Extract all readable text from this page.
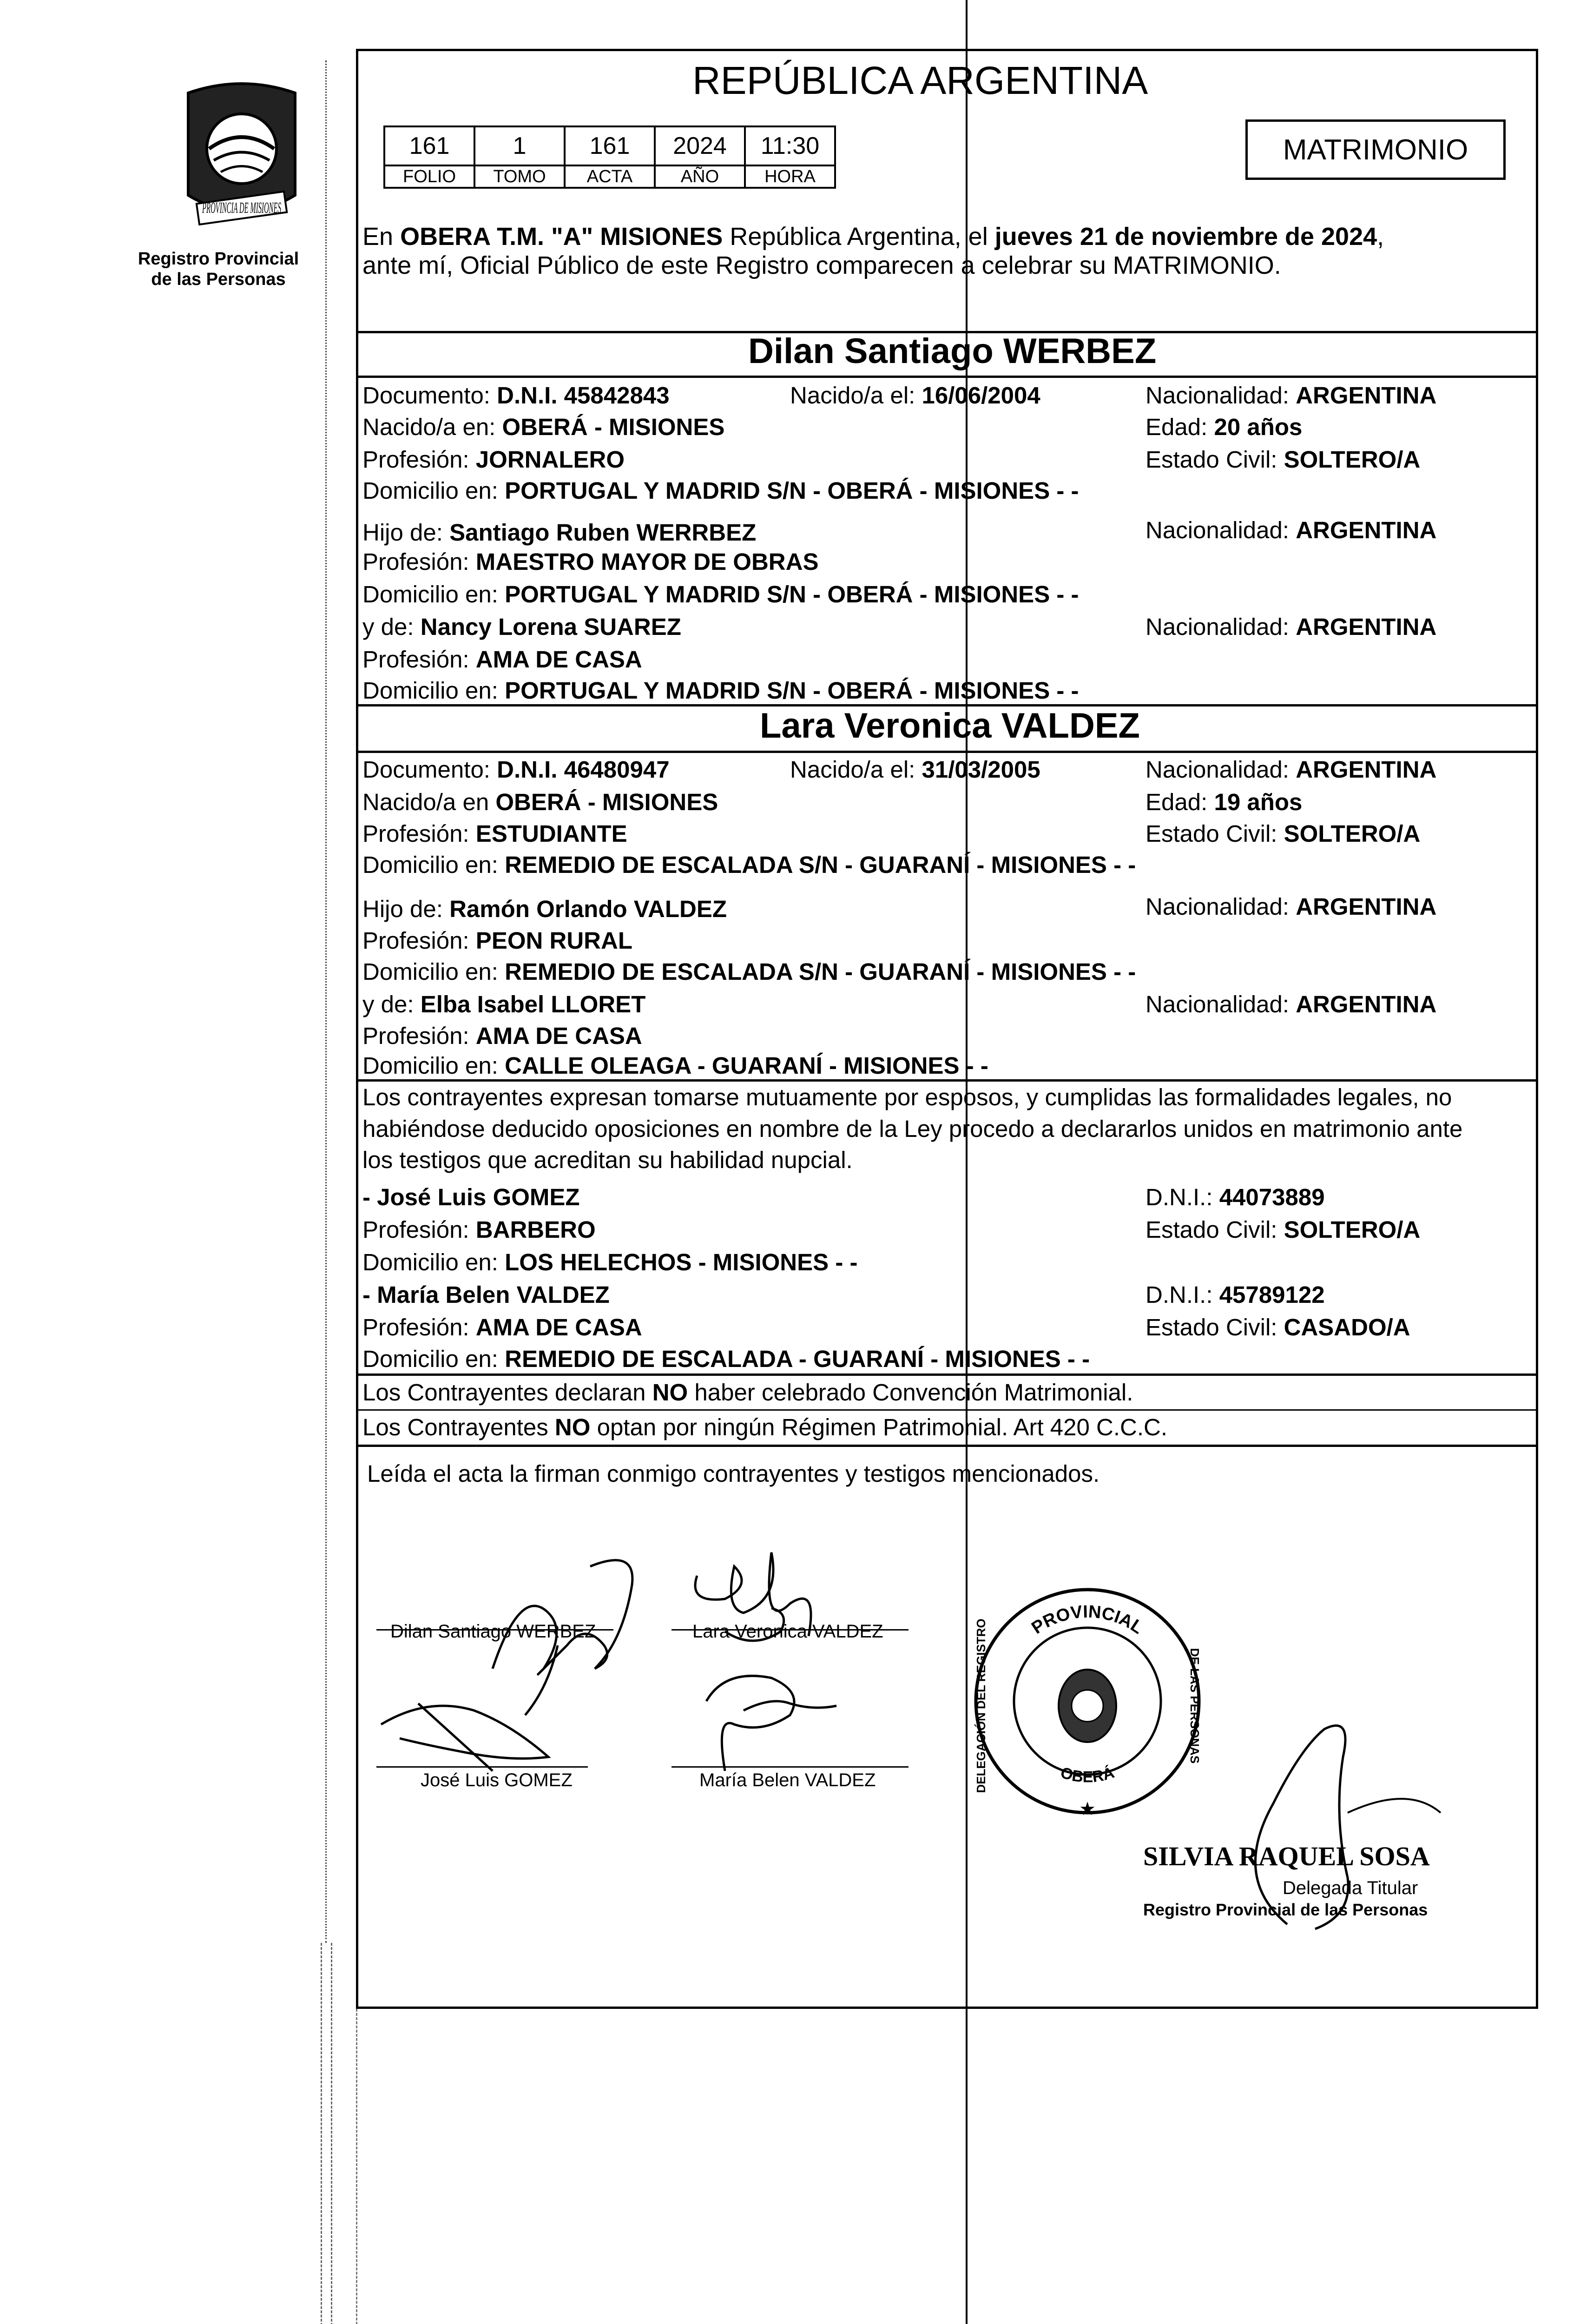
PROVINCIA DE MISIONES
Registro Provincial
de las Personas
REPÚBLICA ARGENTINA
161	1	161	2024	11:30
FOLIO	TOMO	ACTA	AÑO	HORA
MATRIMONIO
En OBERA T.M. "A" MISIONES República Argentina, el jueves 21 de noviembre de 2024,
ante mí, Oficial Público de este Registro comparecen a celebrar su MATRIMONIO.
Dilan Santiago WERBEZ
Documento: D.N.I. 45842843	Nacido/a el: 16/06/2004	Nacionalidad: ARGENTINA
Nacido/a en: OBERÁ - MISIONES	Edad: 20 años
Profesión: JORNALERO	Estado Civil: SOLTERO/A
Domicilio en: PORTUGAL Y MADRID S/N - OBERÁ - MISIONES - -
Hijo de: Santiago Ruben WERRBEZ	Nacionalidad: ARGENTINA
Profesión: MAESTRO MAYOR DE OBRAS
Domicilio en: PORTUGAL Y MADRID S/N - OBERÁ - MISIONES - -
y de: Nancy Lorena SUAREZ	Nacionalidad: ARGENTINA
Profesión: AMA DE CASA
Domicilio en: PORTUGAL Y MADRID S/N - OBERÁ - MISIONES - -
Lara Veronica VALDEZ
Documento: D.N.I. 46480947	Nacido/a el: 31/03/2005	Nacionalidad: ARGENTINA
Nacido/a en OBERÁ - MISIONES	Edad: 19 años
Profesión: ESTUDIANTE	Estado Civil: SOLTERO/A
Domicilio en: REMEDIO DE ESCALADA S/N - GUARANÍ - MISIONES - -
Hijo de: Ramón Orlando VALDEZ	Nacionalidad: ARGENTINA
Profesión: PEON RURAL
Domicilio en: REMEDIO DE ESCALADA S/N - GUARANÍ - MISIONES - -
y de: Elba Isabel LLORET	Nacionalidad: ARGENTINA
Profesión: AMA DE CASA
Domicilio en: CALLE OLEAGA - GUARANÍ - MISIONES - -
Los contrayentes expresan tomarse mutuamente por esposos, y cumplidas las formalidades legales, no
habiéndose deducido oposiciones en nombre de la Ley procedo a declararlos unidos en matrimonio ante
los testigos que acreditan su habilidad nupcial.
- José Luis GOMEZ	D.N.I.: 44073889
Profesión: BARBERO	Estado Civil: SOLTERO/A
Domicilio en: LOS HELECHOS - MISIONES - -
- María Belen VALDEZ	D.N.I.: 45789122
Profesión: AMA DE CASA	Estado Civil: CASADO/A
Domicilio en: REMEDIO DE ESCALADA - GUARANÍ - MISIONES - -
Los Contrayentes declaran NO haber celebrado Convención Matrimonial.
Los Contrayentes NO optan por ningún Régimen Patrimonial. Art 420 C.C.C.
Leída el acta la firman conmigo contrayentes y testigos mencionados.
Dilan Santiago WERBEZ	Lara Veronica VALDEZ
José Luis GOMEZ	María Belen VALDEZ
PROVINCIAL
OBERÁ
DELEGACIÓN DEL REGISTRO	DE LAS PERSONAS
★
SILVIA RAQUEL SOSA
Delegada Titular
Registro Provincial de las Personas
